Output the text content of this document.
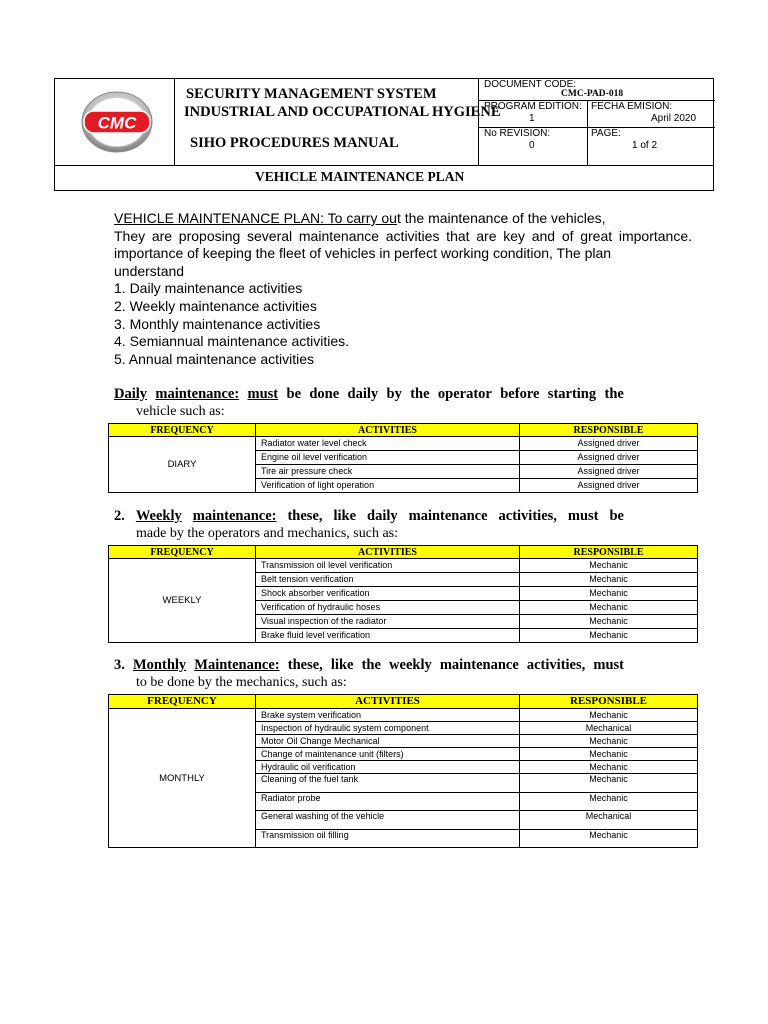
CMC
SECURITY MANAGEMENT SYSTEM
INDUSTRIAL AND OCCUPATIONAL HYGIENE
SIHO PROCEDURES MANUAL
DOCUMENT CODE:
CMC-PAD-018
PROGRAM EDITION:
1
FECHA EMISION:
April 2020
No REVISION:
0
PAGE:
1 of 2
VEHICLE MAINTENANCE PLAN

VEHICLE MAINTENANCE PLAN: To carry out the maintenance of the vehicles,

They are proposing several maintenance activities that are key and of great importance.

importance of keeping the fleet of vehicles in perfect working condition, The plan

understand

1. Daily maintenance activities
2. Weekly maintenance activities
3. Monthly maintenance activities
4. Semiannual maintenance activities.
5. Annual maintenance activities
Daily maintenance: must be done daily by the operator before starting the
vehicle such as:
FREQUENCY	ACTIVITIES	RESPONSIBLE
DIARY	Radiator water level check	Assigned driver
	Engine oil level verification	Assigned driver
	Tire air pressure check	Assigned driver
	Verification of light operation	Assigned driver
2. Weekly maintenance: these, like daily maintenance activities, must be
made by the operators and mechanics, such as:
FREQUENCY	ACTIVITIES	RESPONSIBLE
WEEKLY	Transmission oil level verification	Mechanic
	Belt tension verification	Mechanic
	Shock absorber verification	Mechanic
	Verification of hydraulic hoses	Mechanic
	Visual inspection of the radiator	Mechanic
	Brake fluid level verification	Mechanic
3. Monthly Maintenance: these, like the weekly maintenance activities, must
to be done by the mechanics, such as:
FREQUENCY	ACTIVITIES	RESPONSIBLE
MONTHLY	Brake system verification	Mechanic
	Inspection of hydraulic system component	Mechanical
	Motor Oil Change Mechanical	Mechanic
	Change of maintenance unit (filters)	Mechanic
	Hydraulic oil verification	Mechanic
	Cleaning of the fuel tank	Mechanic
	Radiator probe	Mechanic
	General washing of the vehicle	Mechanical
	Transmission oil filling	Mechanic
